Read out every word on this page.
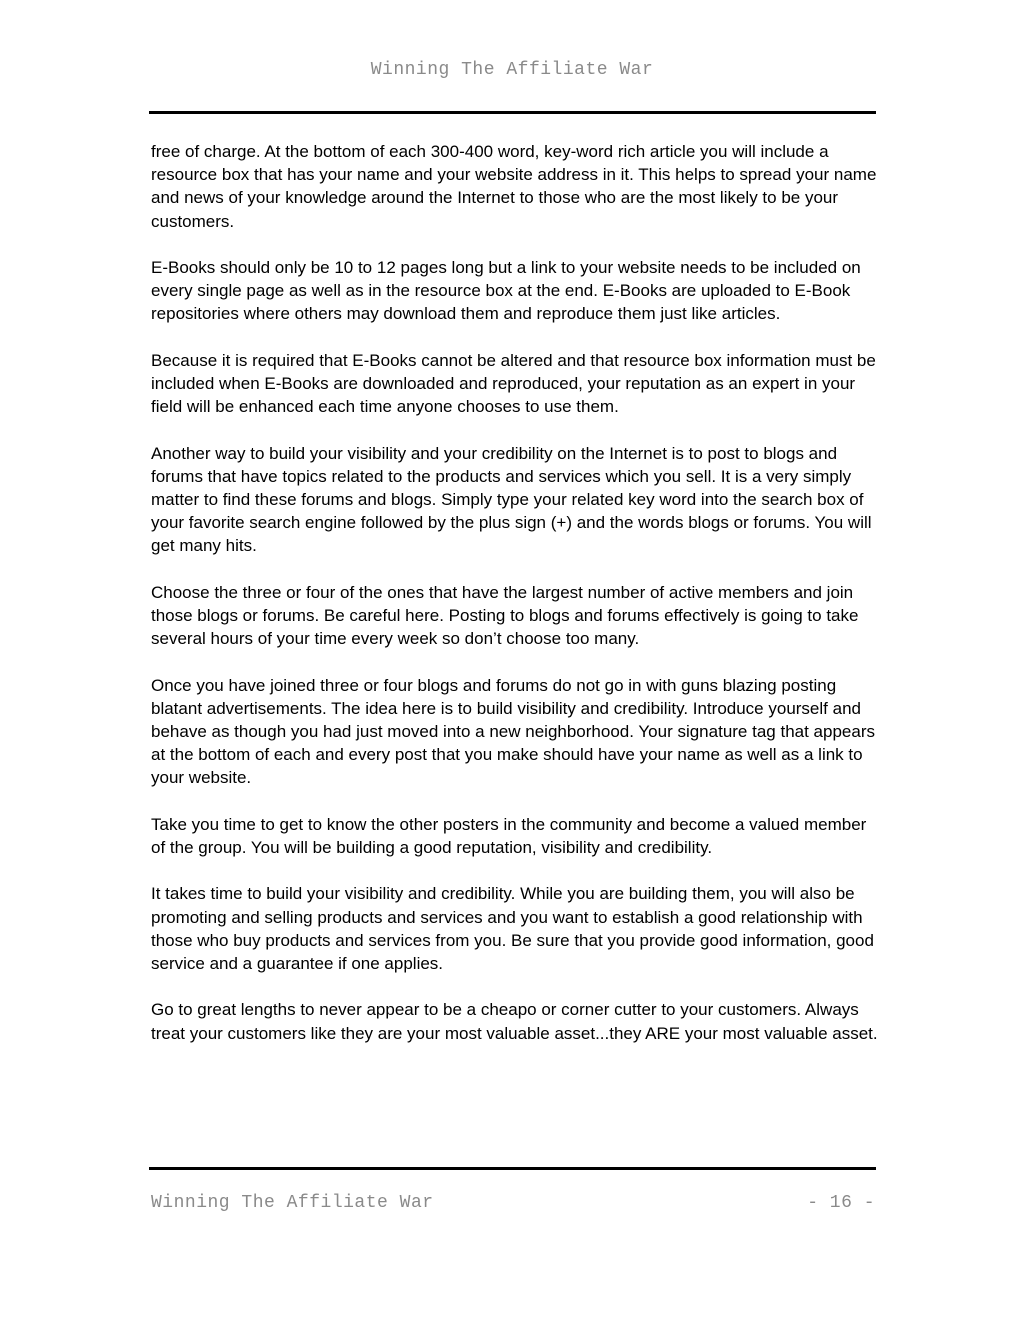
Winning The Affiliate War

free of charge. At the bottom of each 300-400 word, key-word rich article you will include a resource box that has your name and your website address in it. This helps to spread your name and news of your knowledge around the Internet to those who are the most likely to be your customers.

E-Books should only be 10 to 12 pages long but a link to your website needs to be included on every single page as well as in the resource box at the end. E-Books are uploaded to E-Book repositories where others may download them and reproduce them just like articles.

Because it is required that E-Books cannot be altered and that resource box information must be included when E-Books are downloaded and reproduced, your reputation as an expert in your field will be enhanced each time anyone chooses to use them.

Another way to build your visibility and your credibility on the Internet is to post to blogs and forums that have topics related to the products and services which you sell. It is a very simply matter to find these forums and blogs. Simply type your related key word into the search box of your favorite search engine followed by the plus sign (+) and the words blogs or forums. You will get many hits.

Choose the three or four of the ones that have the largest number of active members and join those blogs or forums. Be careful here. Posting to blogs and forums effectively is going to take several hours of your time every week so don’t choose too many.

Once you have joined three or four blogs and forums do not go in with guns blazing posting blatant advertisements. The idea here is to build visibility and credibility. Introduce yourself and behave as though you had just moved into a new neighborhood. Your signature tag that appears at the bottom of each and every post that you make should have your name as well as a link to your website.

Take you time to get to know the other posters in the community and become a valued member of the group. You will be building a good reputation, visibility and credibility.

It takes time to build your visibility and credibility. While you are building them, you will also be promoting and selling products and services and you want to establish a good relationship with those who buy products and services from you. Be sure that you provide good information, good service and a guarantee if one applies.

Go to great lengths to never appear to be a cheapo or corner cutter to your customers. Always treat your customers like they are your most valuable asset...they ARE your most valuable asset.

Winning The Affiliate War	- 16 -
